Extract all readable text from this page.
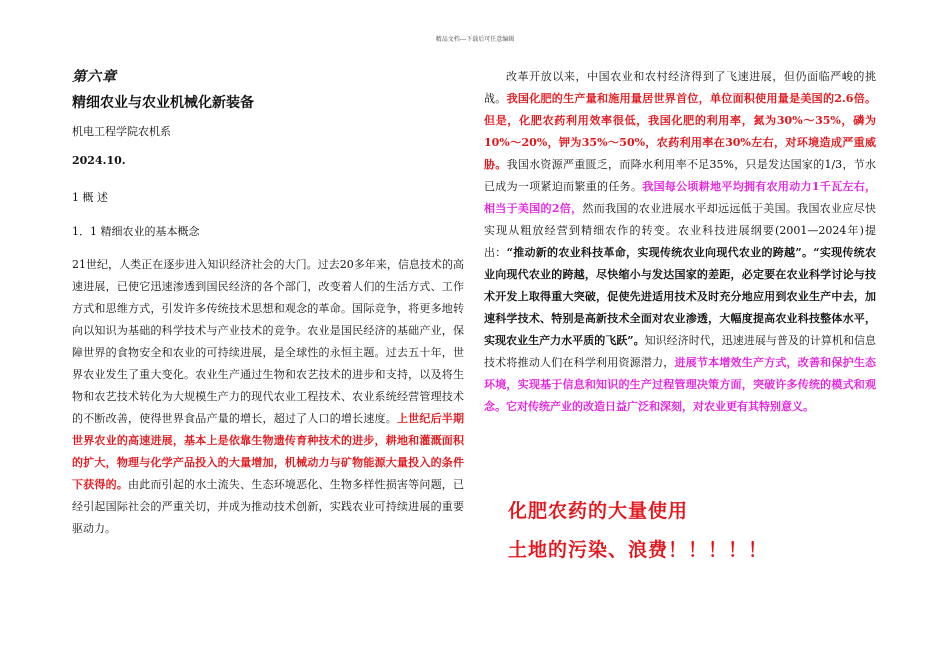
精品文档---下载后可任意编辑
第六章
精细农业与农业机械化新装备
机电工程学院农机系
2024.10.
1 概 述
1．1 精细农业的基本概念

21世纪，人类正在逐步进入知识经济社会的大门。过去20多年来，信息技术的高速进展，已使它迅速渗透到国民经济的各个部门，改变着人们的生活方式、工作方式和思维方式，引发许多传统技术思想和观念的革命。国际竞争，将更多地转向以知识为基础的科学技术与产业技术的竞争。农业是国民经济的基础产业，保障世界的食物安全和农业的可持续进展，是全球性的永恒主题。过去五十年，世界农业发生了重大变化。农业生产通过生物和农艺技术的进步和支持，以及将生物和农艺技术转化为大规模生产力的现代农业工程技术、农业系统经营管理技术的不断改善，使得世界食品产量的增长，超过了人口的增长速度。上世纪后半期世界农业的高速进展，基本上是依靠生物遗传育种技术的进步，耕地和灌溉面积的扩大，物理与化学产品投入的大量增加，机械动力与矿物能源大量投入的条件下获得的。由此而引起的水土流失、生态环境恶化、生物多样性损害等问题，已经引起国际社会的严重关切，并成为推动技术创新，实践农业可持续进展的重要驱动力。

改革开放以来，中国农业和农村经济得到了飞速进展，但仍面临严峻的挑战。我国化肥的生产量和施用量居世界首位，单位面积使用量是美国的2.6倍。但是，化肥农药利用效率很低，我国化肥的利用率，氮为30%～35%，磷为10%～20%，钾为35%～50%，农药利用率在30%左右，对环境造成严重威胁。我国水资源严重匮乏，而降水利用率不足35%，只是发达国家的1/3，节水已成为一项紧迫而繁重的任务。我国每公顷耕地平均拥有农用动力1千瓦左右，相当于美国的2倍，然而我国的农业进展水平却远远低于美国。我国农业应尽快实现从粗放经营到精细农作的转变。农业科技进展纲要(2001—2024年)提出：“推动新的农业科技革命，实现传统农业向现代农业的跨越”。“实现传统农业向现代农业的跨越，尽快缩小与发达国家的差距，必定要在农业科学讨论与技术开发上取得重大突破，促使先进适用技术及时充分地应用到农业生产中去，加速科学技术、特别是高新技术全面对农业渗透，大幅度提高农业科技整体水平，实现农业生产力水平质的飞跃”。知识经济时代，迅速进展与普及的计算机和信息技术将推动人们在科学利用资源潜力，进展节本增效生产方式，改善和保护生态环境，实现基于信息和知识的生产过程管理决策方面，突破许多传统的模式和观念。它对传统产业的改造日益广泛和深刻，对农业更有其特别意义。

化肥农药的大量使用
土地的污染、浪费！！！！！
